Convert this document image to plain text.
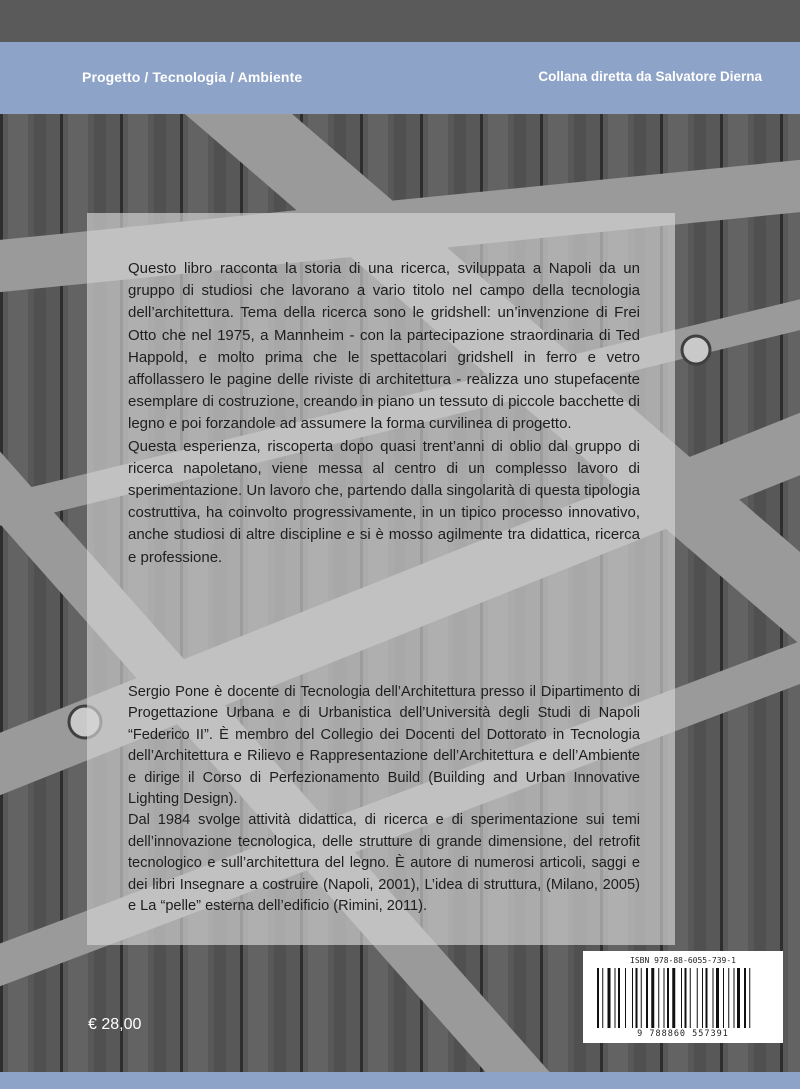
Progetto / Tecnologia / Ambiente	Collana diretta da Salvatore Dierna

Questo libro racconta la storia di una ricerca, sviluppata a Napoli da un gruppo di studiosi che lavorano a vario titolo nel campo della tecnologia dell’architettura. Tema della ricerca sono le gridshell: un’invenzione di Frei Otto che nel 1975, a Mannheim - con la partecipazione straordinaria di Ted Happold, e molto prima che le spettacolari gridshell in ferro e vetro affollassero le pagine delle riviste di architettura - realizza uno stupefacente esemplare di costruzione, creando in piano un tessuto di piccole bacchette di legno e poi forzandole ad assumere la forma curvilinea di progetto.

Questa esperienza, riscoperta dopo quasi trent’anni di oblio dal gruppo di ricerca napoletano, viene messa al centro di un complesso lavoro di sperimentazione. Un lavoro che, partendo dalla singolarità di questa tipologia costruttiva, ha coinvolto progressivamente, in un tipico processo innovativo, anche studiosi di altre discipline e si è mosso agilmente tra didattica, ricerca e professione.

Sergio Pone è docente di Tecnologia dell’Architettura presso il Dipartimento di Progettazione Urbana e di Urbanistica dell’Università degli Studi di Napoli “Federico II”. È membro del Collegio dei Docenti del Dottorato in Tecnologia dell’Architettura e Rilievo e Rappresentazione dell’Architettura e dell’Ambiente e dirige il Corso di Perfezionamento Build (Building and Urban Innovative Lighting Design).

Dal 1984 svolge attività didattica, di ricerca e di sperimentazione sui temi dell’innovazione tecnologica, delle strutture di grande dimensione, del retrofit tecnologico e sull’architettura del legno. È autore di numerosi articoli, saggi e dei libri Insegnare a costruire (Napoli, 2001), L’idea di struttura, (Milano, 2005) e La “pelle” esterna dell’edificio (Rimini, 2011).

€ 28,00
ISBN 978-88-6055-739-1
9 788860 557391
